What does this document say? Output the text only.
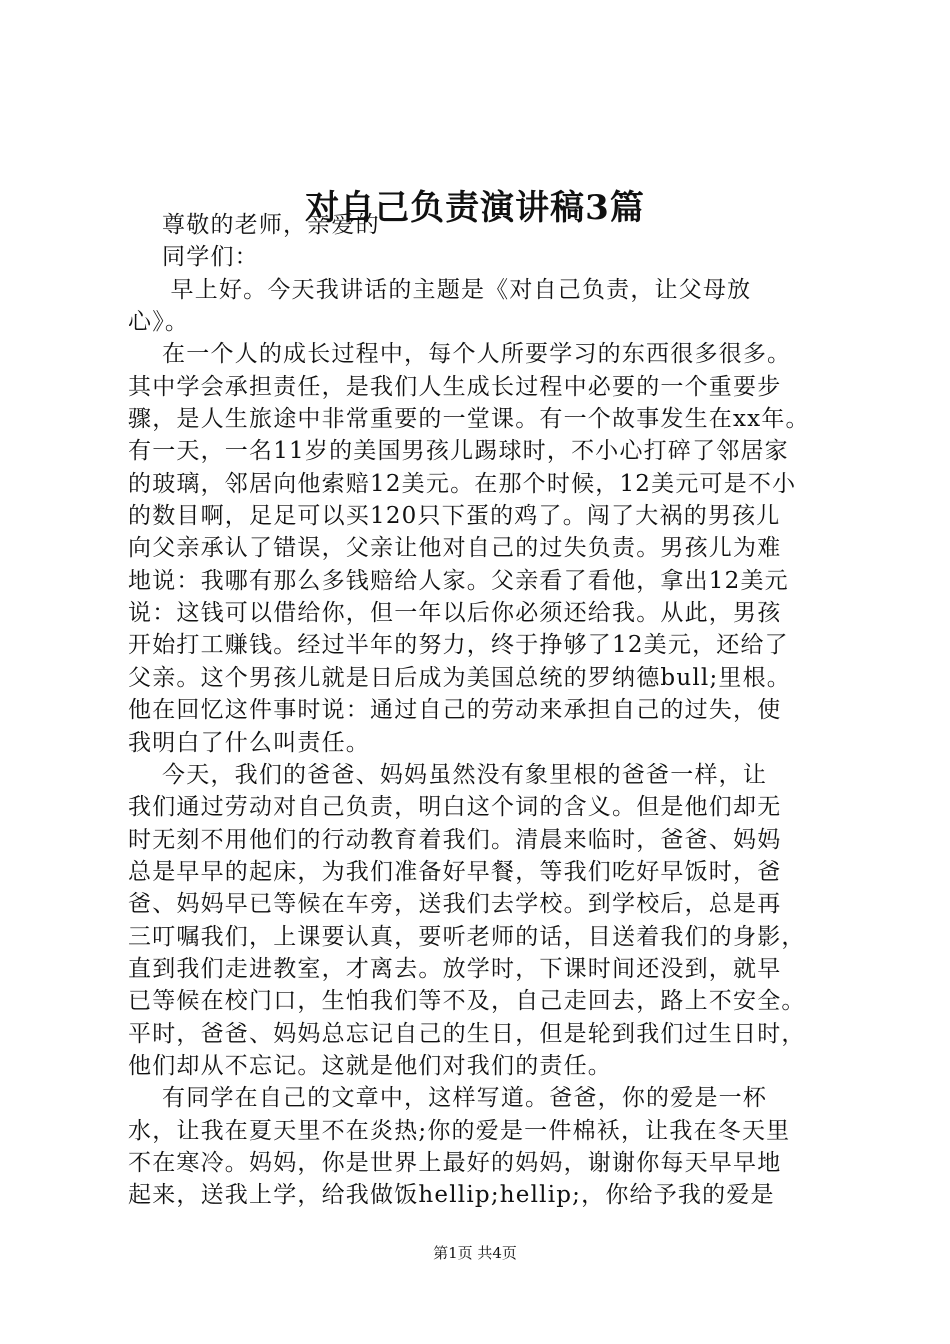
对自己负责演讲稿3篇
尊敬的老师，亲爱的
同学们：
早上好。今天我讲话的主题是《对自己负责，让父母放
心》。
在一个人的成长过程中，每个人所要学习的东西很多很多。
其中学会承担责任，是我们人生成长过程中必要的一个重要步
骤，是人生旅途中非常重要的一堂课。有一个故事发生在xx年。
有一天，一名11岁的美国男孩儿踢球时，不小心打碎了邻居家
的玻璃，邻居向他索赔12美元。在那个时候，12美元可是不小
的数目啊，足足可以买120只下蛋的鸡了。闯了大祸的男孩儿
向父亲承认了错误，父亲让他对自己的过失负责。男孩儿为难
地说：我哪有那么多钱赔给人家。父亲看了看他，拿出12美元
说：这钱可以借给你，但一年以后你必须还给我。从此，男孩
开始打工赚钱。经过半年的努力，终于挣够了12美元，还给了
父亲。这个男孩儿就是日后成为美国总统的罗纳德bull;里根。
他在回忆这件事时说：通过自己的劳动来承担自己的过失，使
我明白了什么叫责任。
今天，我们的爸爸、妈妈虽然没有象里根的爸爸一样，让
我们通过劳动对自己负责，明白这个词的含义。但是他们却无
时无刻不用他们的行动教育着我们。清晨来临时，爸爸、妈妈
总是早早的起床，为我们准备好早餐，等我们吃好早饭时，爸
爸、妈妈早已等候在车旁，送我们去学校。到学校后，总是再
三叮嘱我们，上课要认真，要听老师的话，目送着我们的身影，
直到我们走进教室，才离去。放学时，下课时间还没到，就早
已等候在校门口，生怕我们等不及，自己走回去，路上不安全。
平时，爸爸、妈妈总忘记自己的生日，但是轮到我们过生日时，
他们却从不忘记。这就是他们对我们的责任。
有同学在自己的文章中，这样写道。爸爸，你的爱是一杯
水，让我在夏天里不在炎热;你的爱是一件棉袄，让我在冬天里
不在寒冷。妈妈，你是世界上最好的妈妈，谢谢你每天早早地
起来，送我上学，给我做饭hellip;hellip;，你给予我的爱是
第1页 共4页
